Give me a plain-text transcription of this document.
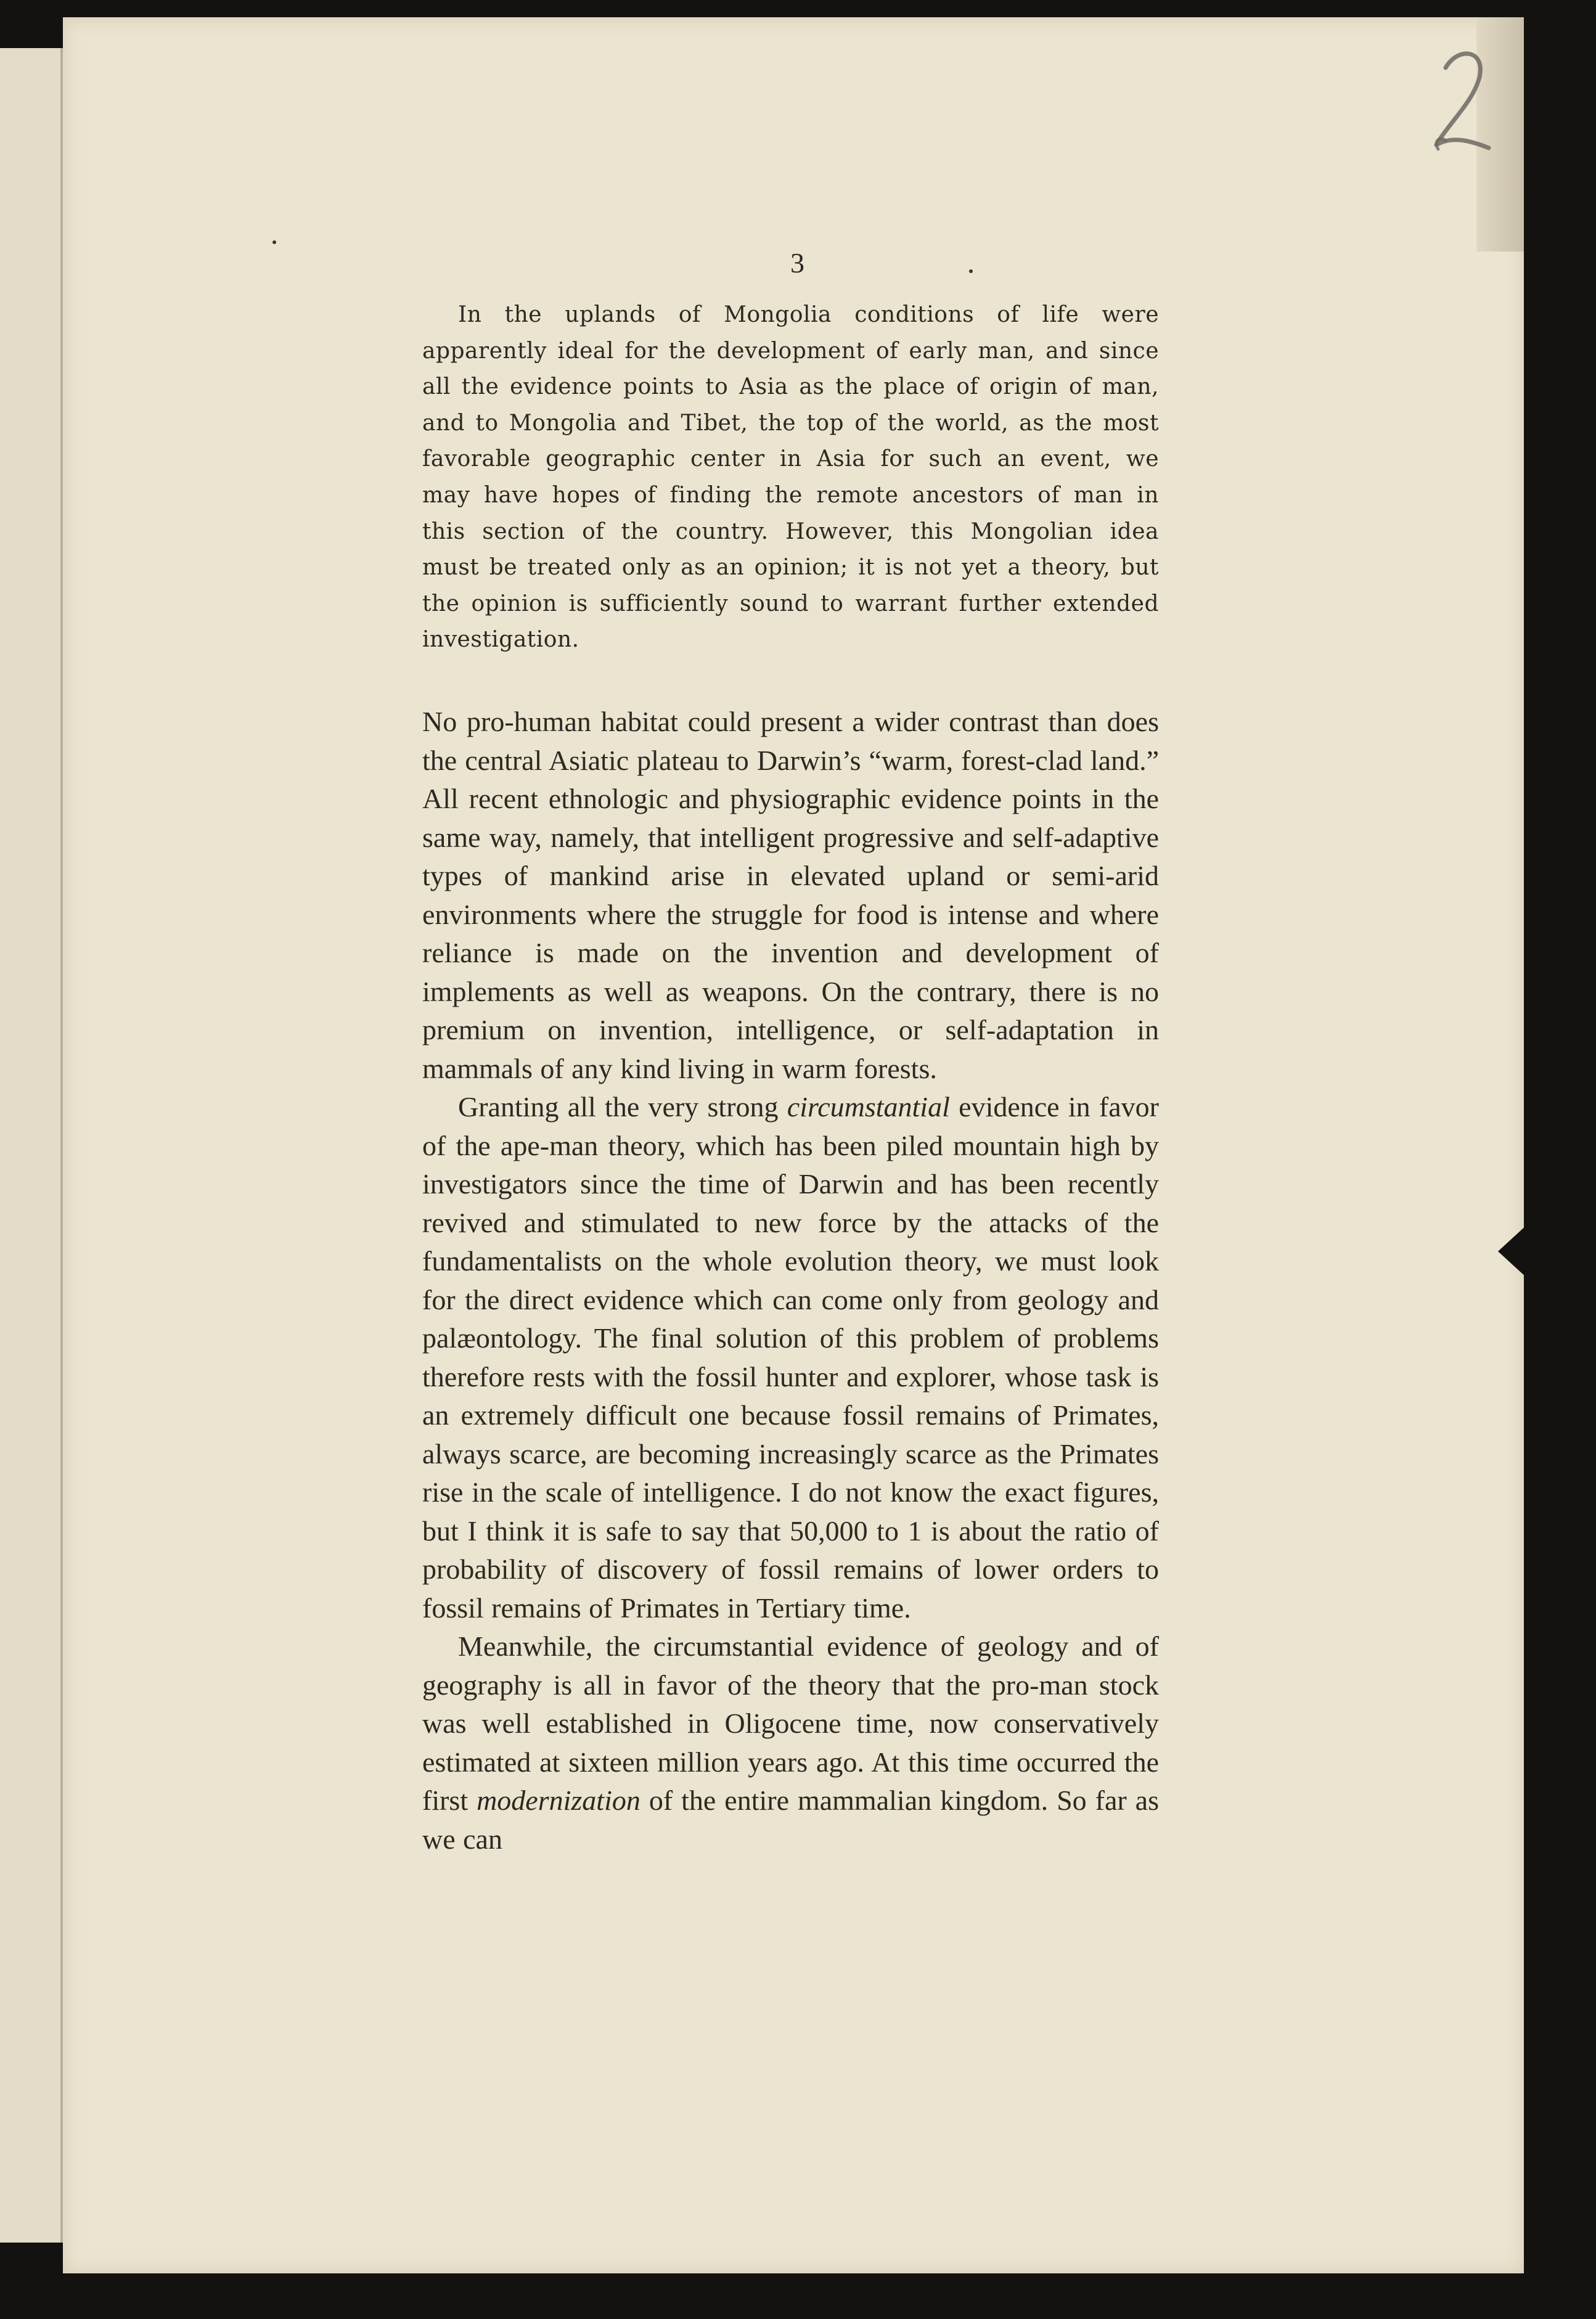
3

In the uplands of Mongolia conditions of life were apparently ideal for the development of early man, and since all the evidence points to Asia as the place of origin of man, and to Mongolia and Tibet, the top of the world, as the most favorable geographic center in Asia for such an event, we may have hopes of finding the remote ancestors of man in this section of the country. However, this Mongolian idea must be treated only as an opinion; it is not yet a theory, but the opinion is sufficiently sound to warrant further extended investigation.

No pro-human habitat could present a wider contrast than does the central Asiatic plateau to Darwin’s “warm, forest-clad land.” All recent ethnologic and physiographic evidence points in the same way, namely, that intelligent progressive and self-adaptive types of mankind arise in elevated upland or semi-arid environments where the struggle for food is intense and where reliance is made on the invention and development of implements as well as weapons. On the contrary, there is no premium on invention, intelligence, or self-adaptation in mammals of any kind living in warm forests.

Granting all the very strong circumstantial evidence in favor of the ape-man theory, which has been piled mountain high by investigators since the time of Darwin and has been recently revived and stimulated to new force by the attacks of the fundamentalists on the whole evolution theory, we must look for the direct evidence which can come only from geology and palæontology. The final solution of this problem of problems therefore rests with the fossil hunter and explorer, whose task is an extremely difficult one because fossil remains of Primates, always scarce, are becoming increasingly scarce as the Primates rise in the scale of intelligence. I do not know the exact figures, but I think it is safe to say that 50,000 to 1 is about the ratio of probability of discovery of fossil remains of lower orders to fossil remains of Primates in Tertiary time.

Meanwhile, the circumstantial evidence of geology and of geography is all in favor of the theory that the pro-man stock was well established in Oligocene time, now conservatively estimated at sixteen million years ago. At this time occurred the first modernization of the entire mammalian kingdom. So far as we can
